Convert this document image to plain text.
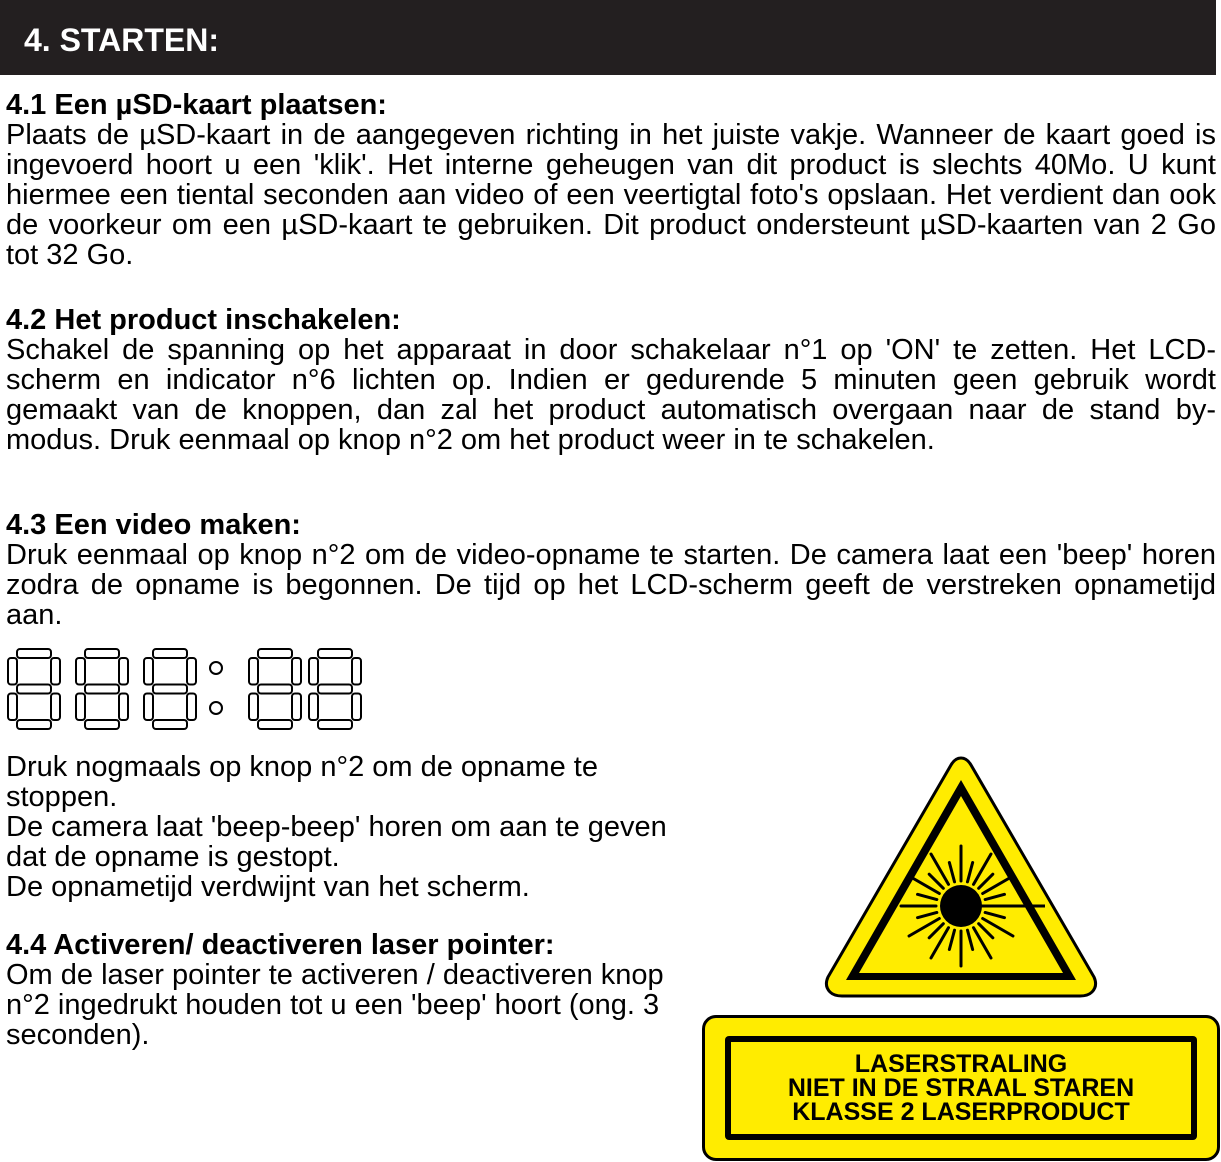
4. STARTEN:
4.1 Een µSD-kaart plaatsen:

Plaats de µSD-kaart in de aangegeven richting in het juiste vakje. Wanneer de kaart goed is ingevoerd hoort u een 'klik'. Het interne geheugen van dit product is slechts 40Mo. U kunt hiermee een tiental seconden aan video of een veertigtal foto's opslaan. Het verdient dan ook de voorkeur om een µSD-kaart te gebruiken. Dit product ondersteunt µSD-kaarten van 2 Go tot 32 Go.

4.2 Het product inschakelen:

Schakel de spanning op het apparaat in door schakelaar n°1 op 'ON' te zetten. Het LCD-scherm en indicator n°6 lichten op. Indien er gedurende 5 minuten geen gebruik wordt gemaakt van de knoppen, dan zal het product automatisch overgaan naar de stand by-modus. Druk eenmaal op knop n°2 om het product weer in te schakelen.

4.3 Een video maken:

Druk eenmaal op knop n°2 om de video-opname te starten. De camera laat een 'beep' horen zodra de opname is begonnen. De tijd op het LCD-scherm geeft de verstreken opnametijd aan.

Druk nogmaals op knop n°2 om de opname te stoppen.

De camera laat 'beep-beep' horen om aan te geven dat de opname is gestopt.

De opnametijd verdwijnt van het scherm.

4.4 Activeren/ deactiveren laser pointer:

Om de laser pointer te activeren / deactiveren knop n°2 ingedrukt houden tot u een 'beep' hoort (ong. 3 seconden).

LASERSTRALING
NIET IN DE STRAAL STAREN
KLASSE 2 LASERPRODUCT
